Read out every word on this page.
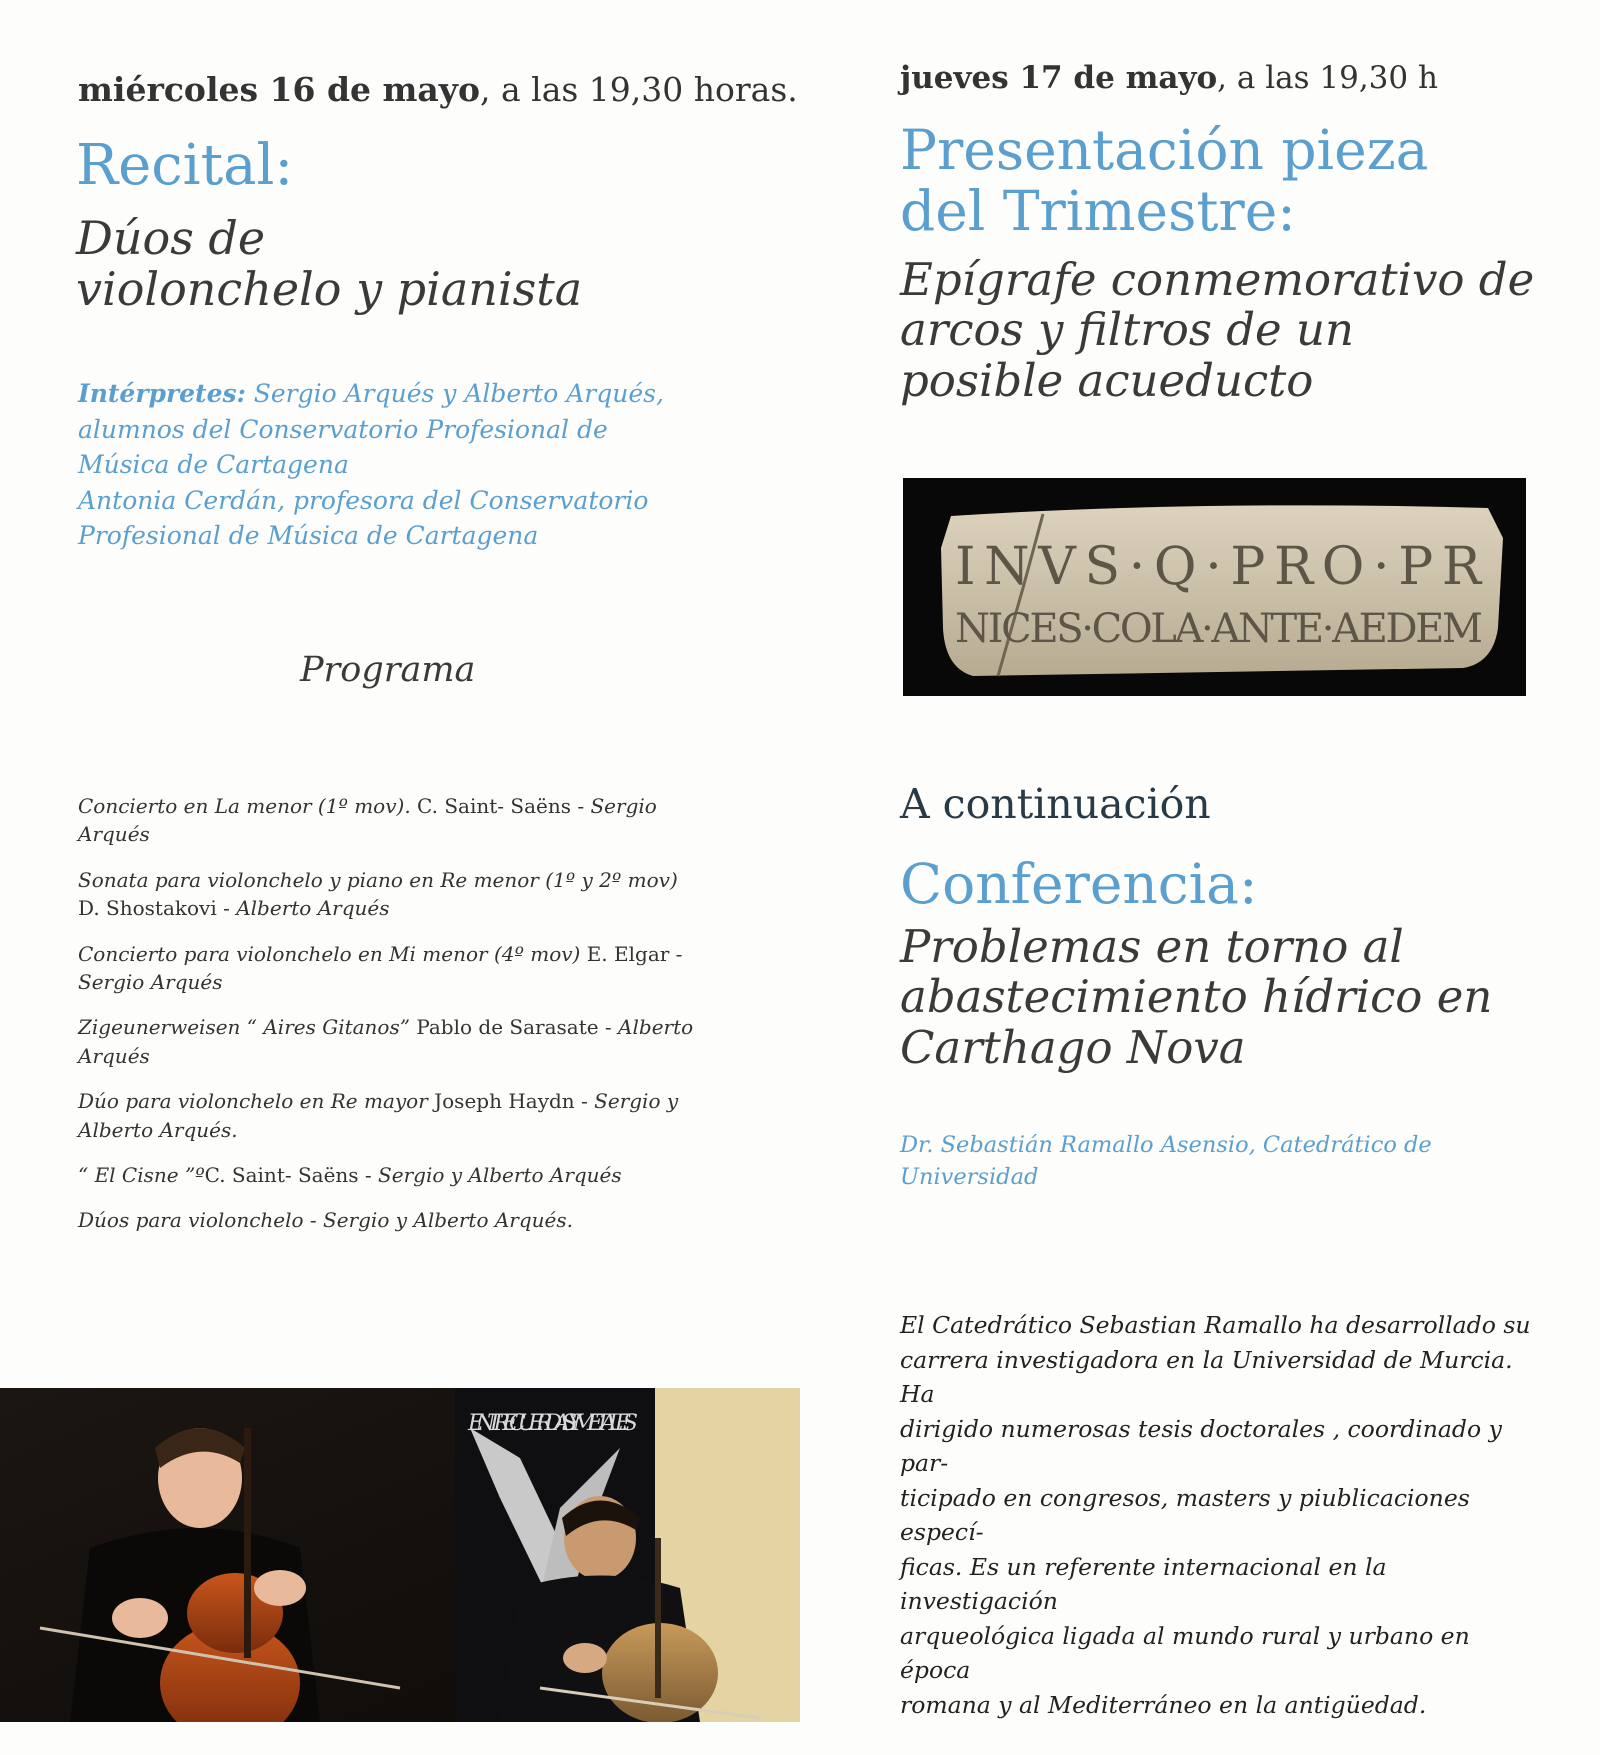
miércoles 16 de mayo, a las 19,30 horas.
Recital:
Dúos de
violonchelo y pianista
Intérpretes: Sergio Arqués y Alberto Arqués, alumnos del Conservatorio Profesional de Música de Cartagena
Antonia Cerdán, profesora del Conservatorio Profesional de Música de Cartagena
Programa
Concierto en La menor (1º mov). C. Saint- Saëns - Sergio Arqués
Sonata para violonchelo y piano en Re menor (1º y 2º mov)
D. Shostakovi - Alberto Arqués
Concierto para violonchelo en Mi menor (4º mov) E. Elgar - Sergio Arqués
Zigeunerweisen “ Aires Gitanos” Pablo de Sarasate - Alberto Arqués
Dúo para violonchelo en Re mayor Joseph Haydn - Sergio y Alberto Arqués.
“ El Cisne ”ºC. Saint- Saëns - Sergio y Alberto Arqués
Dúos para violonchelo - Sergio y Alberto Arqués.
ENTRE CUERDAS Y METALES
jueves 17 de mayo, a las 19,30 h
Presentación pieza
del Trimestre:
Epígrafe conmemorativo de
arcos y filtros de un
posible acueducto
INVS·Q·PRO·PR
NICES·COLA·ANTE·AEDEM
A continuación
Conferencia:
Problemas en torno al
abastecimiento hídrico en
Carthago Nova
Dr. Sebastián Ramallo Asensio, Catedrático de Universidad
El Catedrático Sebastian Ramallo ha desarrollado su
carrera investigadora en la Universidad de Murcia. Ha
dirigido numerosas tesis doctorales , coordinado y par-
ticipado en congresos, masters y piublicaciones especí-
ficas. Es un referente internacional en la investigación
arqueológica ligada al mundo rural y urbano en época
romana y al Mediterráneo en la antigüedad.
